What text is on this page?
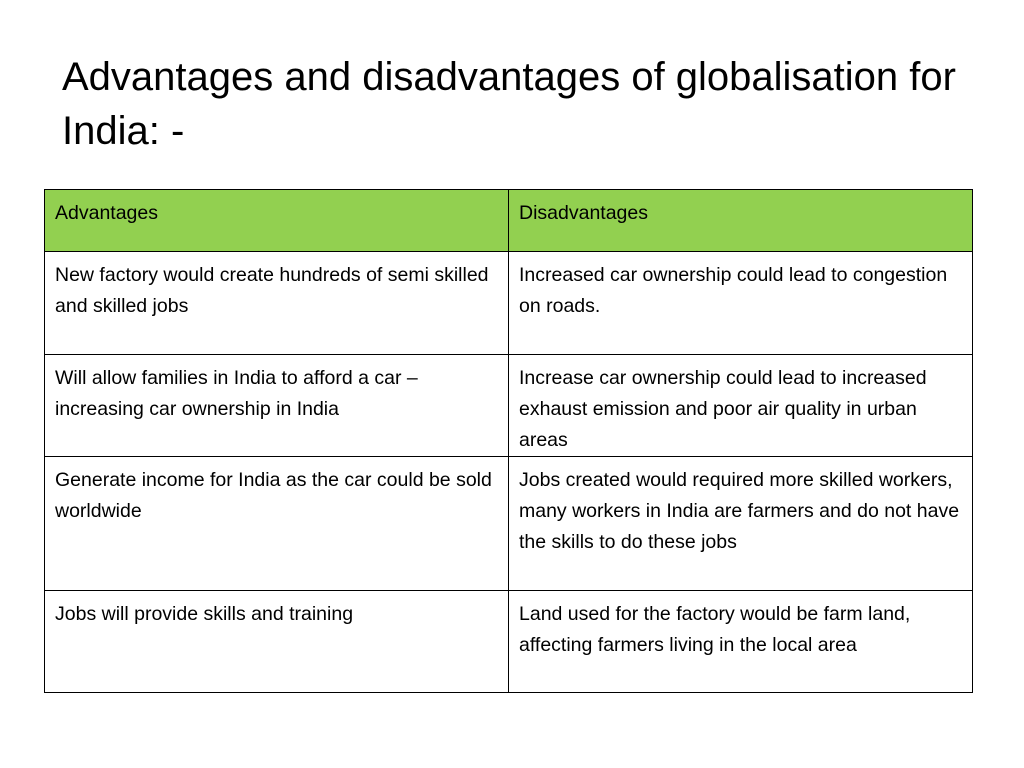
Advantages and disadvantages of globalisation for India: -
Advantages	Disadvantages
New factory would create hundreds of semi skilled and skilled jobs	Increased car ownership could lead to congestion on roads.
Will allow families in India to afford a car – increasing car ownership in India	Increase car ownership could lead to increased exhaust emission and poor air quality in urban areas
Generate income for India as the car could be sold worldwide	Jobs created would required more skilled workers, many workers in India are farmers and do not have the skills to do these jobs
Jobs will provide skills and training	Land used for the factory would be farm land, affecting farmers living in the local area
